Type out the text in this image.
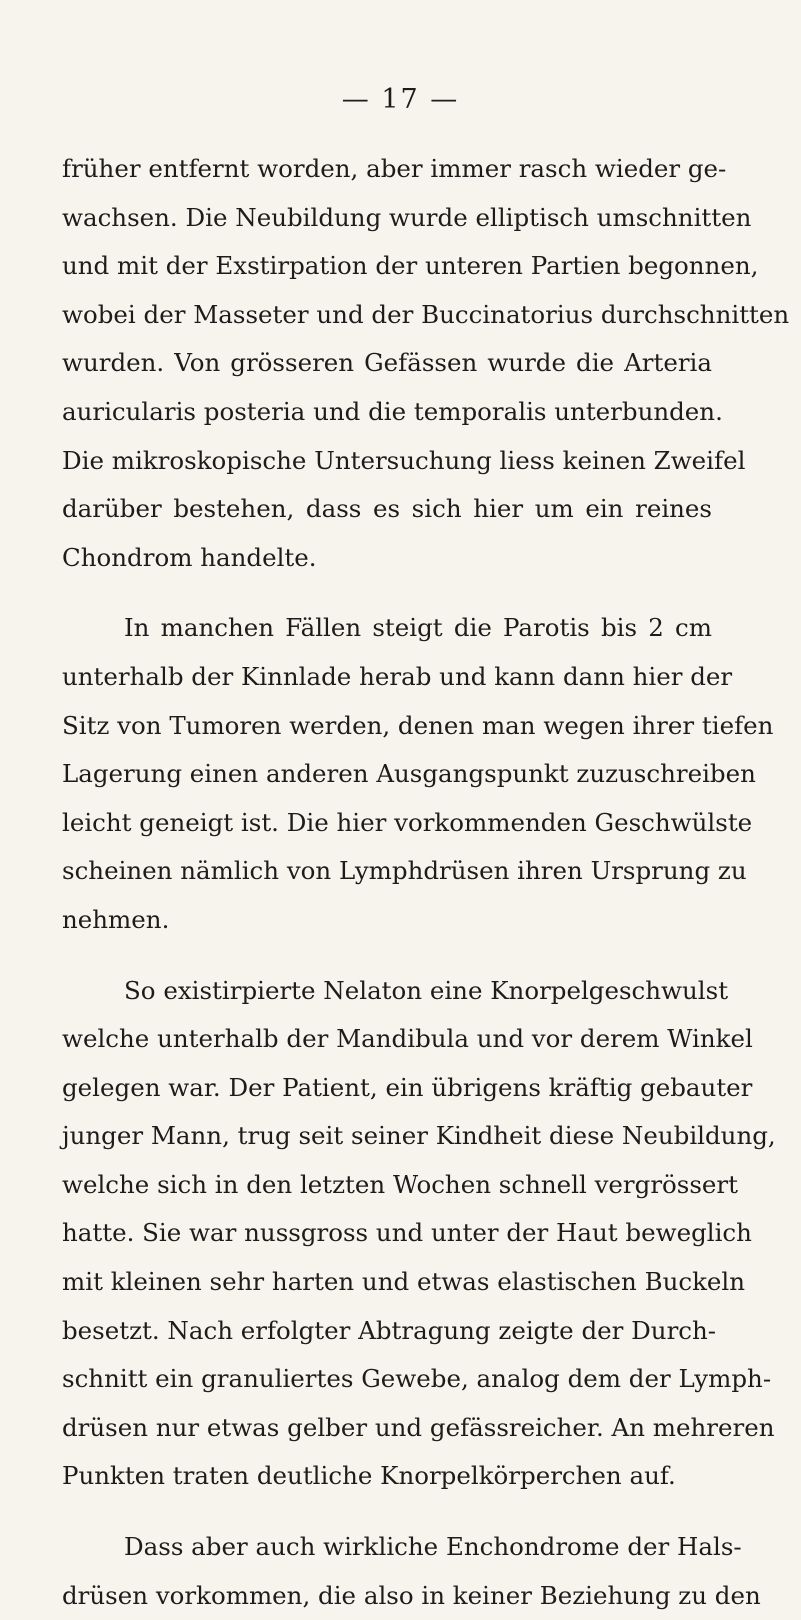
— 17 —
früher entfernt worden, aber immer rasch wieder ge-
wachsen. Die Neubildung wurde elliptisch umschnitten
und mit der Exstirpation der unteren Partien begonnen,
wobei der Masseter und der Buccinatorius durchschnitten
wurden. Von grösseren Gefässen wurde die Arteria
auricularis posteria und die temporalis unterbunden.
Die mikroskopische Untersuchung liess keinen Zweifel
darüber bestehen, dass es sich hier um ein reines
Chondrom handelte.
In manchen Fällen steigt die Parotis bis 2 cm
unterhalb der Kinnlade herab und kann dann hier der
Sitz von Tumoren werden, denen man wegen ihrer tiefen
Lagerung einen anderen Ausgangspunkt zuzuschreiben
leicht geneigt ist. Die hier vorkommenden Geschwülste
scheinen nämlich von Lymphdrüsen ihren Ursprung zu
nehmen.
So existirpierte Nelaton eine Knorpelgeschwulst
welche unterhalb der Mandibula und vor derem Winkel
gelegen war. Der Patient, ein übrigens kräftig gebauter
junger Mann, trug seit seiner Kindheit diese Neubildung,
welche sich in den letzten Wochen schnell vergrössert
hatte. Sie war nussgross und unter der Haut beweglich
mit kleinen sehr harten und etwas elastischen Buckeln
besetzt. Nach erfolgter Abtragung zeigte der Durch-
schnitt ein granuliertes Gewebe, analog dem der Lymph-
drüsen nur etwas gelber und gefässreicher. An mehreren
Punkten traten deutliche Knorpelkörperchen auf.
Dass aber auch wirkliche Enchondrome der Hals-
drüsen vorkommen, die also in keiner Beziehung zu den
